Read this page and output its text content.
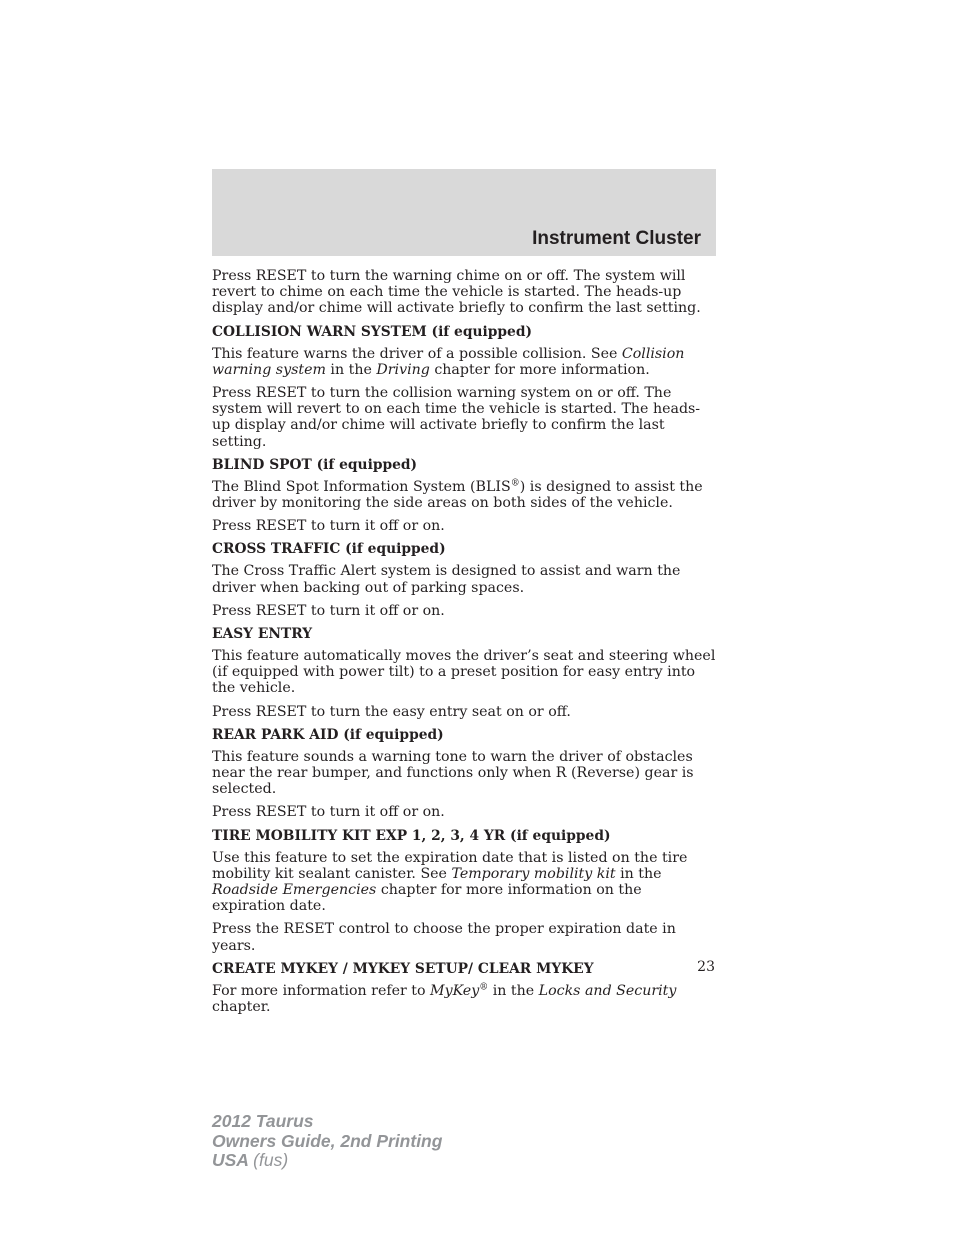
Instrument Cluster

Press RESET to turn the warning chime on or off. The system will revert to chime on each time the vehicle is started. The heads-up display and/or chime will activate briefly to confirm the last setting.

COLLISION WARN SYSTEM (if equipped)

This feature warns the driver of a possible collision. See Collision warning system in the Driving chapter for more information.

Press RESET to turn the collision warning system on or off. The system will revert to on each time the vehicle is started. The heads-up display and/or chime will activate briefly to confirm the last setting.

BLIND SPOT (if equipped)

The Blind Spot Information System (BLIS®) is designed to assist the driver by monitoring the side areas on both sides of the vehicle.

Press RESET to turn it off or on.

CROSS TRAFFIC (if equipped)

The Cross Traffic Alert system is designed to assist and warn the driver when backing out of parking spaces.

Press RESET to turn it off or on.

EASY ENTRY

This feature automatically moves the driver’s seat and steering wheel (if equipped with power tilt) to a preset position for easy entry into the vehicle.

Press RESET to turn the easy entry seat on or off.

REAR PARK AID (if equipped)

This feature sounds a warning tone to warn the driver of obstacles near the rear bumper, and functions only when R (Reverse) gear is selected.

Press RESET to turn it off or on.

TIRE MOBILITY KIT EXP 1, 2, 3, 4 YR (if equipped)

Use this feature to set the expiration date that is listed on the tire mobility kit sealant canister. See Temporary mobility kit in the Roadside Emergencies chapter for more information on the expiration date.

Press the RESET control to choose the proper expiration date in years.

CREATE MYKEY / MYKEY SETUP/ CLEAR MYKEY

For more information refer to MyKey® in the Locks and Security chapter.

23
2012 Taurus
Owners Guide, 2nd Printing
USA (fus)
